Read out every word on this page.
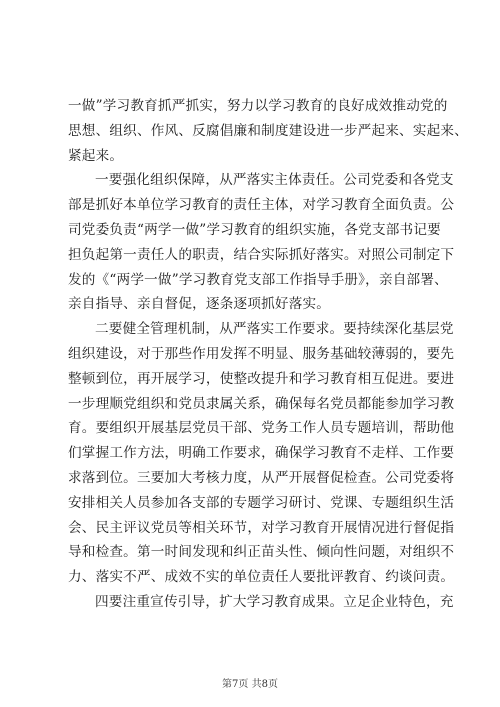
一做”学习教育抓严抓实，努力以学习教育的良好成效推动党的
思想、组织、作风、反腐倡廉和制度建设进一步严起来、实起来、
紧起来。
一要强化组织保障，从严落实主体责任。公司党委和各党支
部是抓好本单位学习教育的责任主体，对学习教育全面负责。公
司党委负责“两学一做”学习教育的组织实施，各党支部书记要
担负起第一责任人的职责，结合实际抓好落实。对照公司制定下
发的《“两学一做”学习教育党支部工作指导手册》，亲自部署、
亲自指导、亲自督促，逐条逐项抓好落实。
二要健全管理机制，从严落实工作要求。要持续深化基层党
组织建设，对于那些作用发挥不明显、服务基础较薄弱的，要先
整顿到位，再开展学习，使整改提升和学习教育相互促进。要进
一步理顺党组织和党员隶属关系，确保每名党员都能参加学习教
育。要组织开展基层党员干部、党务工作人员专题培训，帮助他
们掌握工作方法，明确工作要求，确保学习教育不走样、工作要
求落到位。三要加大考核力度，从严开展督促检查。公司党委将
安排相关人员参加各支部的专题学习研讨、党课、专题组织生活
会、民主评议党员等相关环节，对学习教育开展情况进行督促指
导和检查。第一时间发现和纠正苗头性、倾向性问题，对组织不
力、落实不严、成效不实的单位责任人要批评教育、约谈问责。
四要注重宣传引导，扩大学习教育成果。立足企业特色，充
第7页 共8页
